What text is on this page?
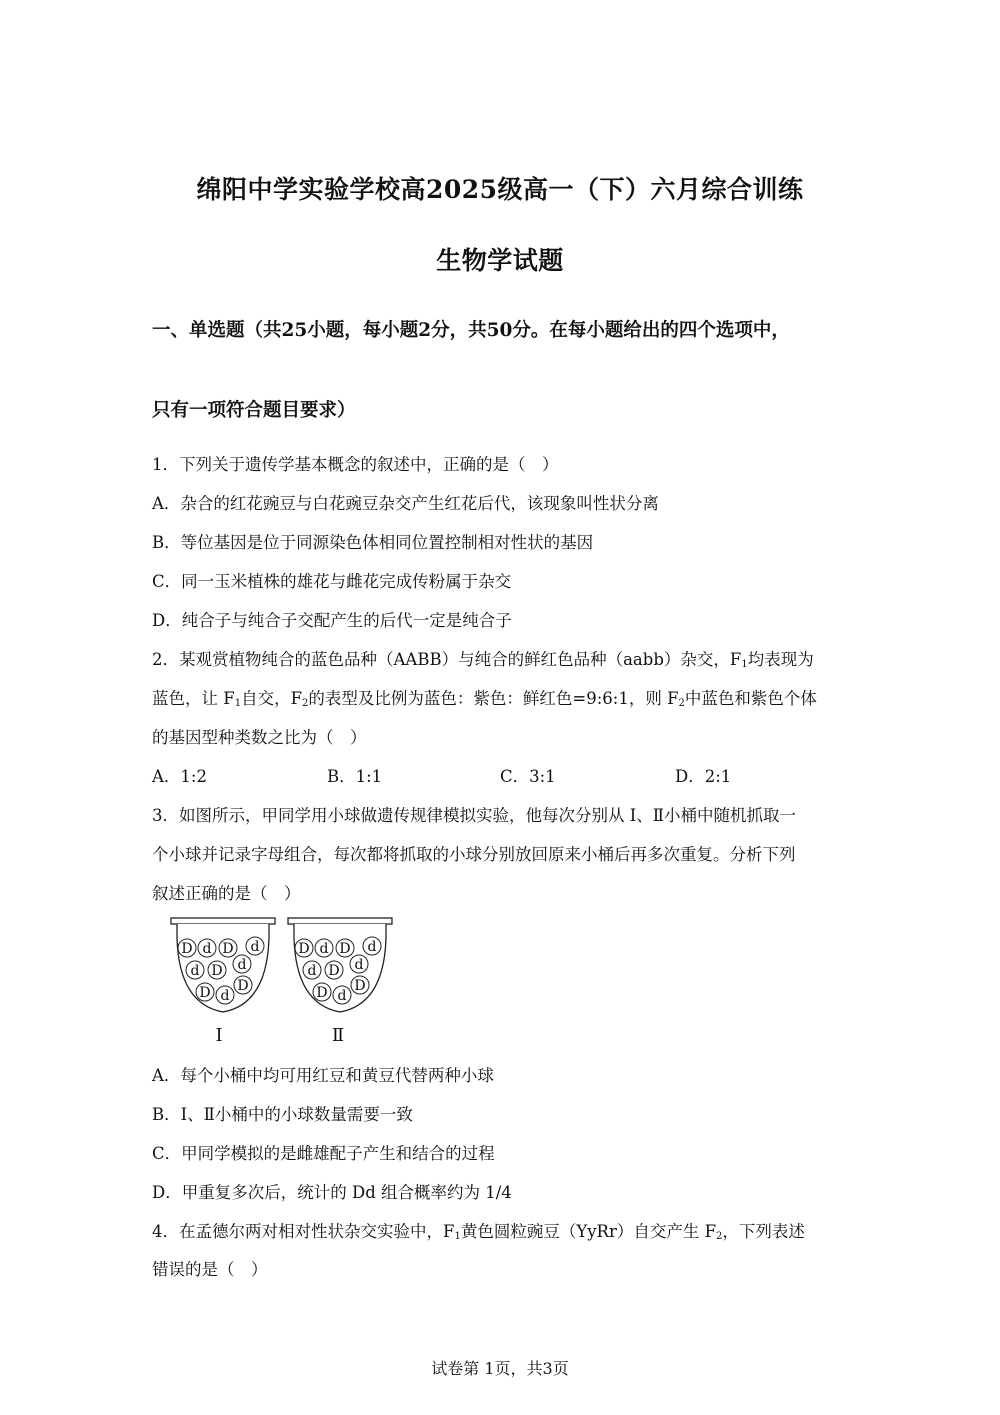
绵阳中学实验学校高2025级高一（下）六月综合训练
生物学试题
一、单选题（共25小题，每小题2分，共50分。在每小题给出的四个选项中，
只有一项符合题目要求）
1．下列关于遗传学基本概念的叙述中，正确的是（　）
A．杂合的红花豌豆与白花豌豆杂交产生红花后代，该现象叫性状分离
B．等位基因是位于同源染色体相同位置控制相对性状的基因
C．同一玉米植株的雄花与雌花完成传粉属于杂交
D．纯合子与纯合子交配产生的后代一定是纯合子
2．某观赏植物纯合的蓝色品种（AABB）与纯合的鲜红色品种（aabb）杂交，$F_1$均表现为
蓝色，让 $F_1$自交，$F_2$的表型及比例为蓝色：紫色：鲜红色=9:6:1，则 $F_2$中蓝色和紫色个体
的基因型种类数之比为（　）
A．1:2	B．1:1	C．3:1	D．2:1
3．如图所示，甲同学用小球做遗传规律模拟实验，他每次分别从 I、Ⅱ小桶中随机抓取一
个小球并记录字母组合，每次都将抓取的小球分别放回原来小桶后再多次重复。分析下列
叙述正确的是（　）
D d D d
d D d
D
D d
Ⅰ
D d D d
d D d
D
D d
Ⅱ
A．每个小桶中均可用红豆和黄豆代替两种小球
B．Ⅰ、Ⅱ小桶中的小球数量需要一致
C．甲同学模拟的是雌雄配子产生和结合的过程
D．甲重复多次后，统计的 Dd 组合概率约为 1/4
4．在孟德尔两对相对性状杂交实验中，$F_1$黄色圆粒豌豆（YyRr）自交产生 $F_2$，下列表述
错误的是（　）
试卷第 1页，共3页
